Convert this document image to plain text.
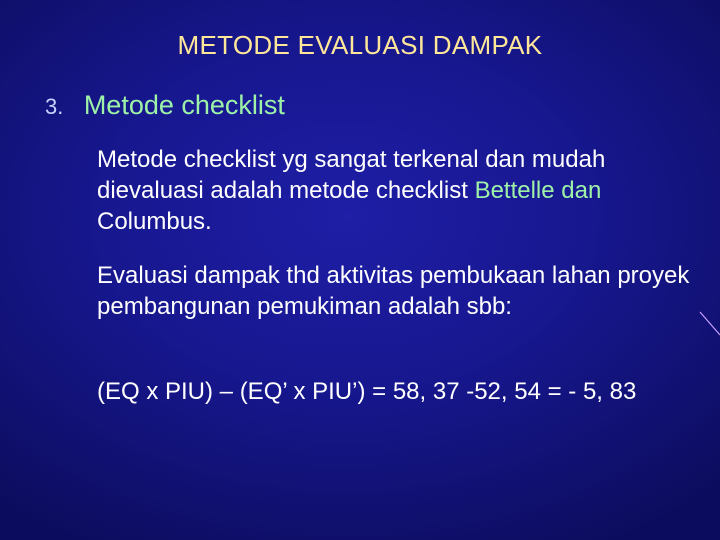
METODE EVALUASI DAMPAK
3. Metode checklist
Metode checklist yg sangat terkenal dan mudah dievaluasi adalah metode checklist Bettelle dan
Columbus.
Evaluasi dampak thd aktivitas pembukaan lahan proyek pembangunan pemukiman adalah sbb:
(EQ x PIU) – (EQ’ x PIU’) = 58, 37 -52, 54 = - 5, 83
